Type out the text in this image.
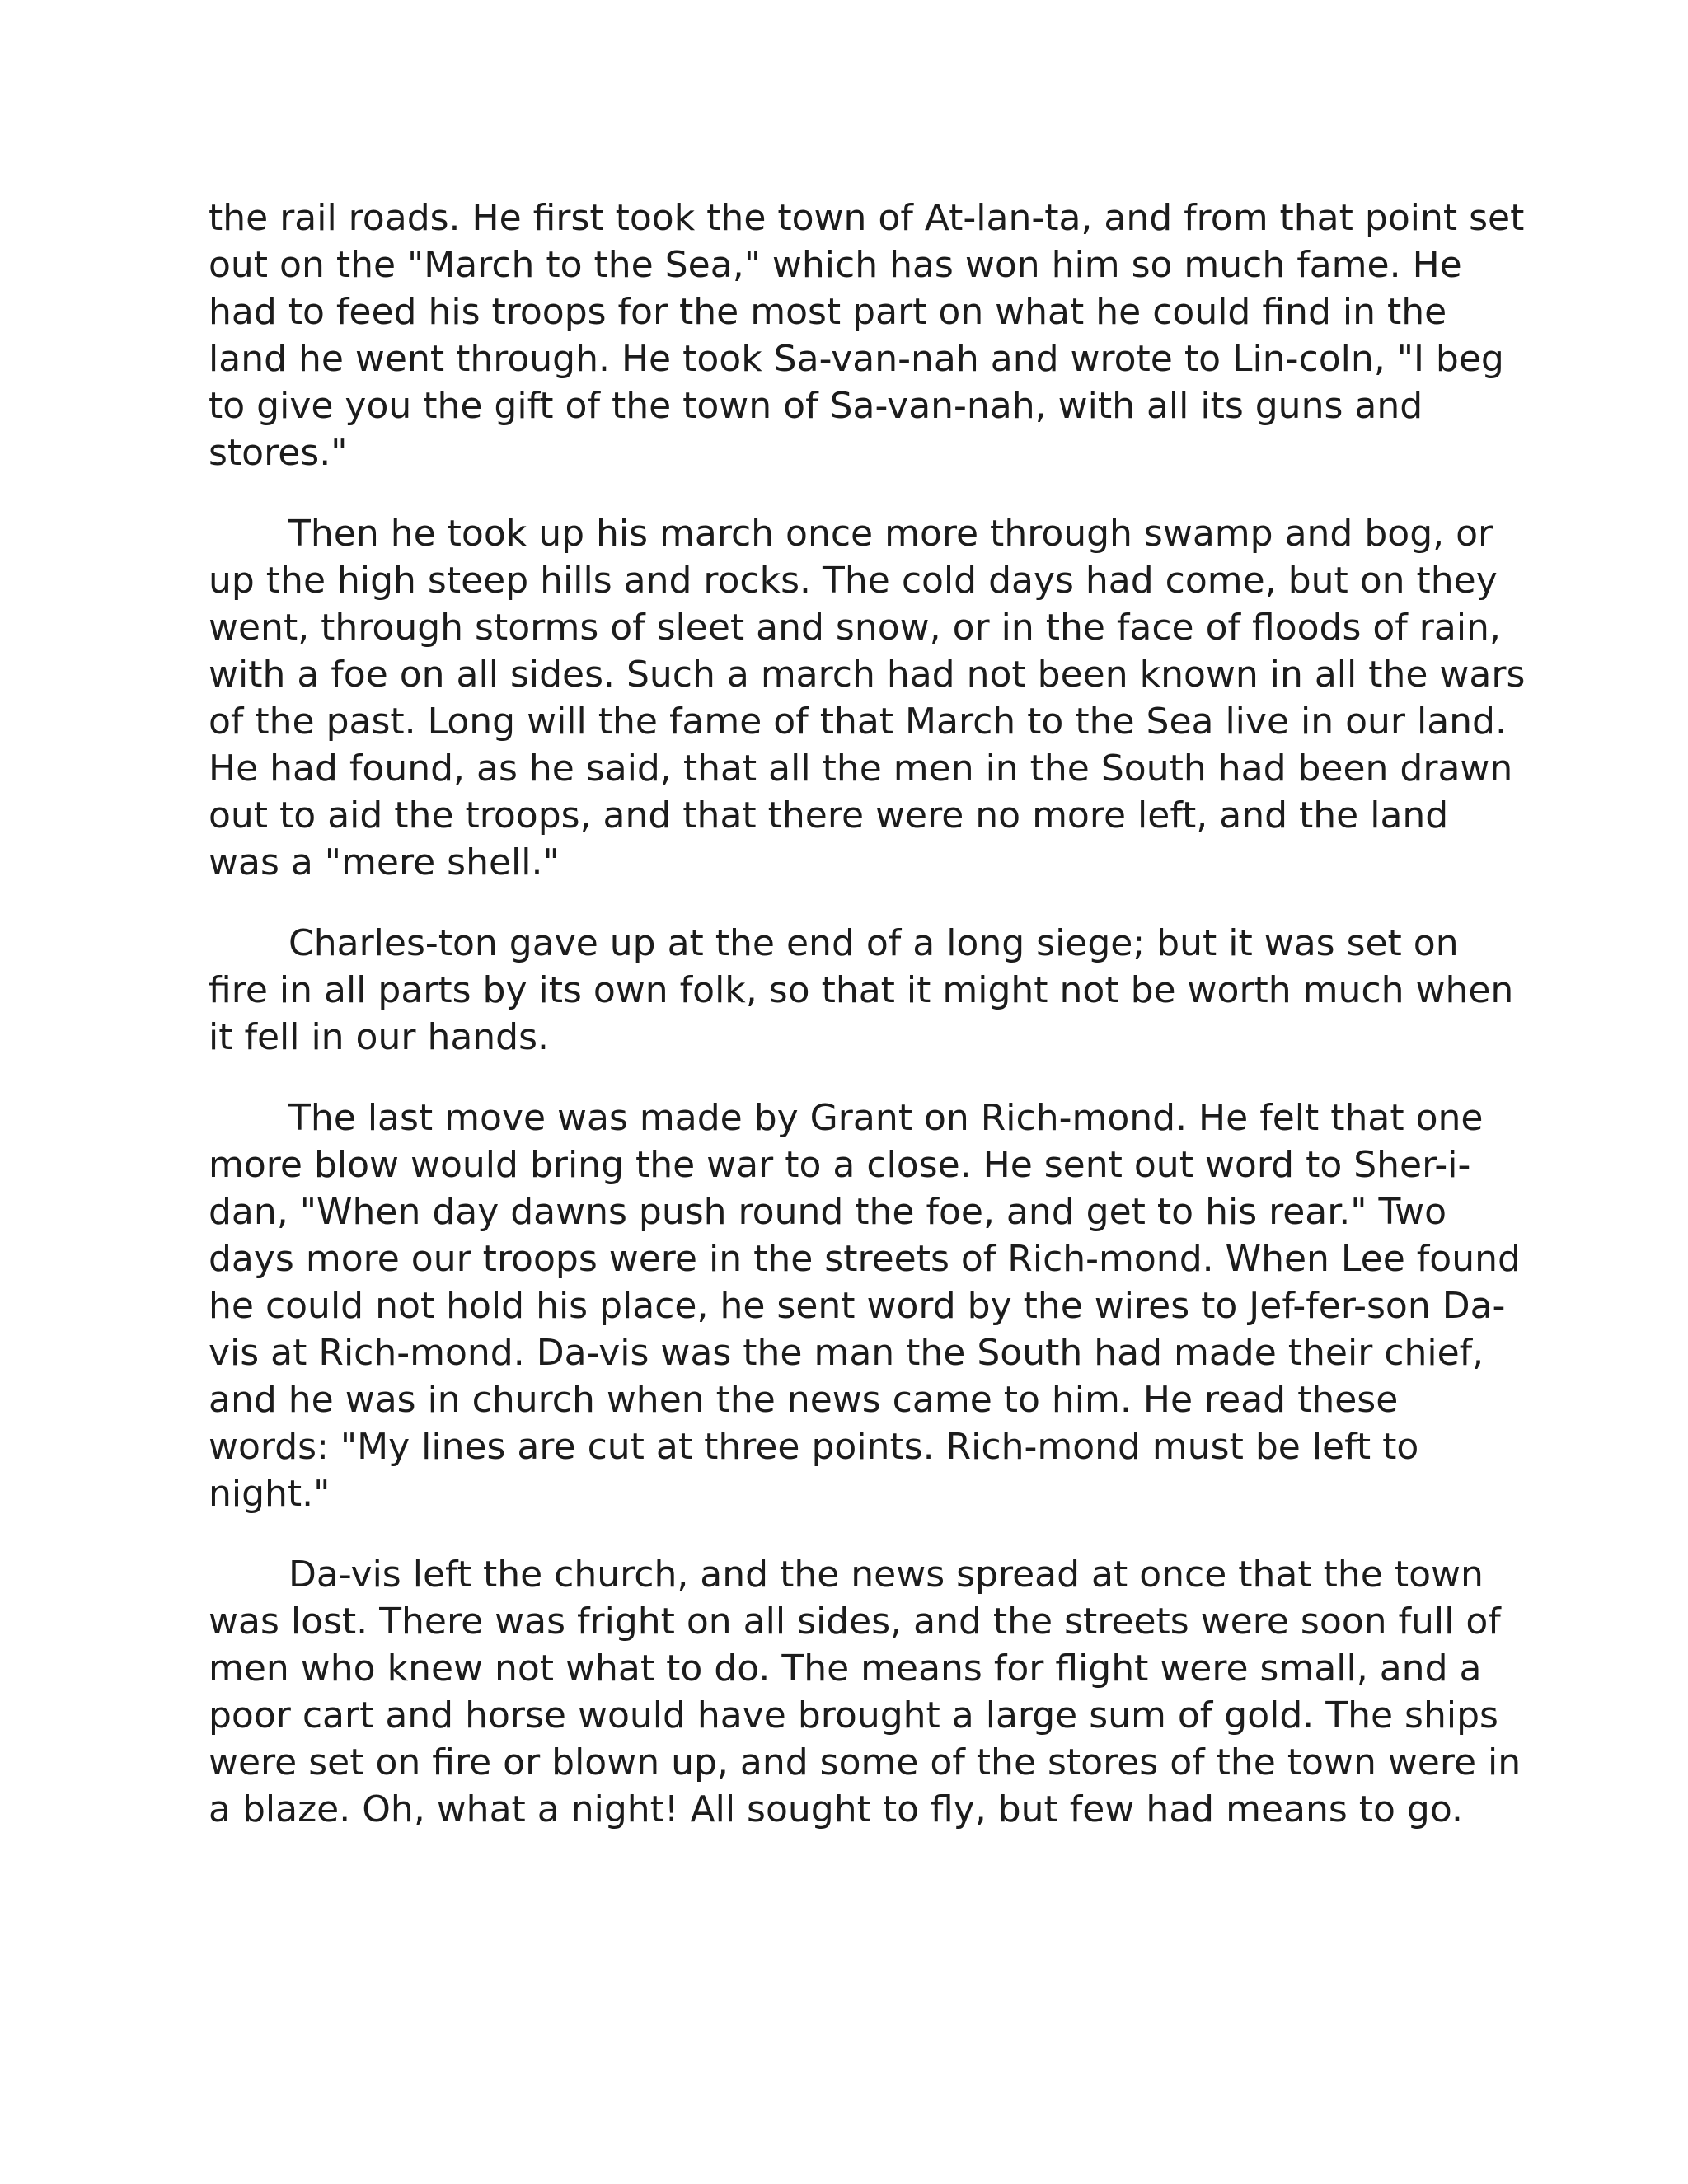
the rail roads. He first took the town of At-lan-ta, and from that point set
out on the "March to the Sea," which has won him so much fame. He
had to feed his troops for the most part on what he could find in the
land he went through. He took Sa-van-nah and wrote to Lin-coln, "I beg
to give you the gift of the town of Sa-van-nah, with all its guns and
stores."
Then he took up his march once more through swamp and bog, or
up the high steep hills and rocks. The cold days had come, but on they
went, through storms of sleet and snow, or in the face of floods of rain,
with a foe on all sides. Such a march had not been known in all the wars
of the past. Long will the fame of that March to the Sea live in our land.
He had found, as he said, that all the men in the South had been drawn
out to aid the troops, and that there were no more left, and the land
was a "mere shell."
Charles-ton gave up at the end of a long siege; but it was set on
fire in all parts by its own folk, so that it might not be worth much when
it fell in our hands.
The last move was made by Grant on Rich-mond. He felt that one
more blow would bring the war to a close. He sent out word to Sher-i-
dan, "When day dawns push round the foe, and get to his rear." Two
days more our troops were in the streets of Rich-mond. When Lee found
he could not hold his place, he sent word by the wires to Jef-fer-son Da-
vis at Rich-mond. Da-vis was the man the South had made their chief,
and he was in church when the news came to him. He read these
words: "My lines are cut at three points. Rich-mond must be left to
night."
Da-vis left the church, and the news spread at once that the town
was lost. There was fright on all sides, and the streets were soon full of
men who knew not what to do. The means for flight were small, and a
poor cart and horse would have brought a large sum of gold. The ships
were set on fire or blown up, and some of the stores of the town were in
a blaze. Oh, what a night! All sought to fly, but few had means to go.
